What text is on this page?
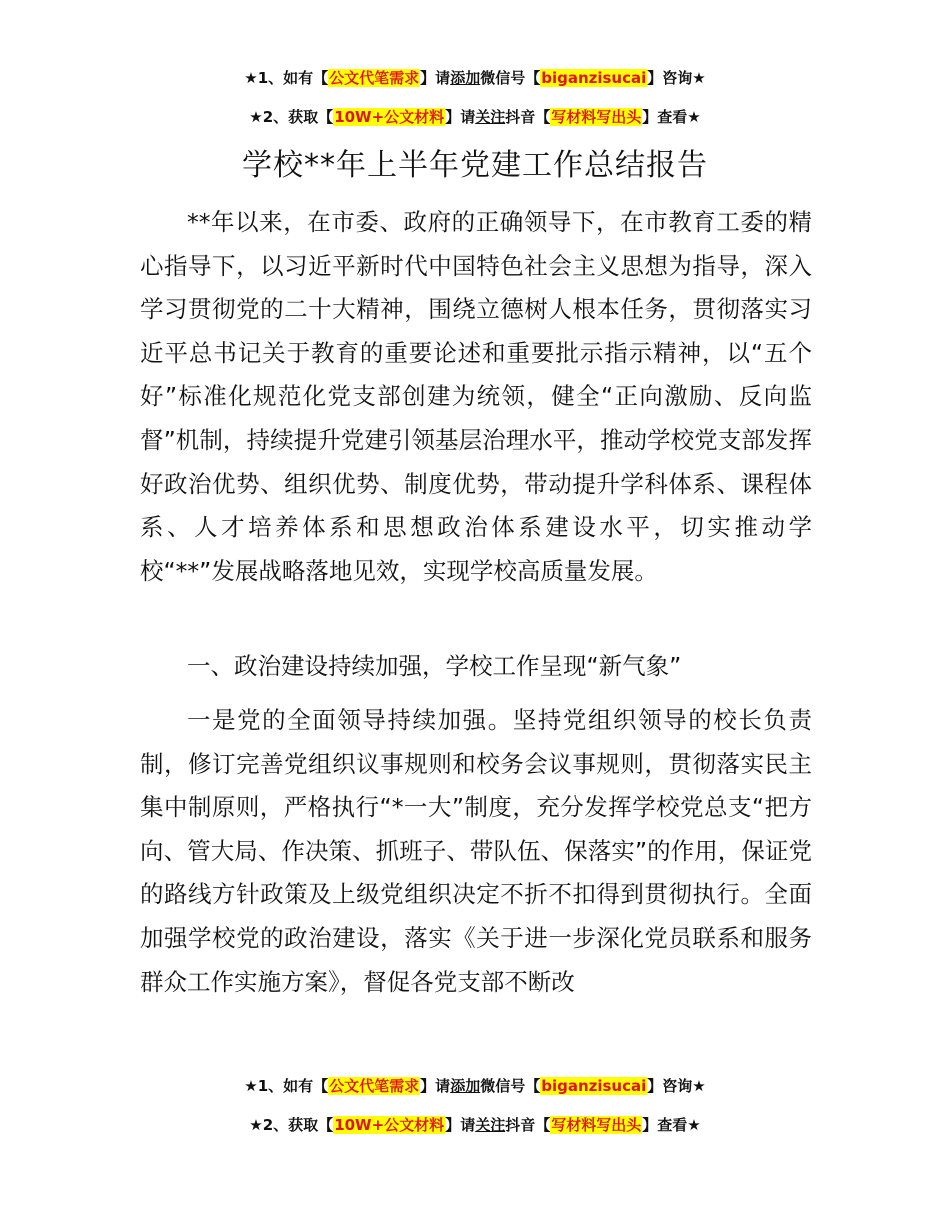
★1、如有【公文代笔需求】请添加微信号【biganzisucai】咨询★
★2、获取【10W+公文材料】请关注抖音【写材料写出头】查看★
学校**年上半年党建工作总结报告

**年以来，在市委、政府的正确领导下，在市教育工委的精心指导下，以习近平新时代中国特色社会主义思想为指导，深入学习贯彻党的二十大精神，围绕立德树人根本任务，贯彻落实习近平总书记关于教育的重要论述和重要批示指示精神，以“五个好”标准化规范化党支部创建为统领，健全“正向激励、反向监督”机制，持续提升党建引领基层治理水平，推动学校党支部发挥好政治优势、组织优势、制度优势，带动提升学科体系、课程体系、人才培养体系和思想政治体系建设水平，切实推动学校“**”发展战略落地见效，实现学校高质量发展。

一、政治建设持续加强，学校工作呈现“新气象”

一是党的全面领导持续加强。坚持党组织领导的校长负责制，修订完善党组织议事规则和校务会议事规则，贯彻落实民主集中制原则，严格执行“*一大”制度，充分发挥学校党总支“把方向、管大局、作决策、抓班子、带队伍、保落实”的作用，保证党的路线方针政策及上级党组织决定不折不扣得到贯彻执行。全面加强学校党的政治建设，落实《关于进一步深化党员联系和服务群众工作实施方案》，督促各党支部不断改

★1、如有【公文代笔需求】请添加微信号【biganzisucai】咨询★
★2、获取【10W+公文材料】请关注抖音【写材料写出头】查看★
